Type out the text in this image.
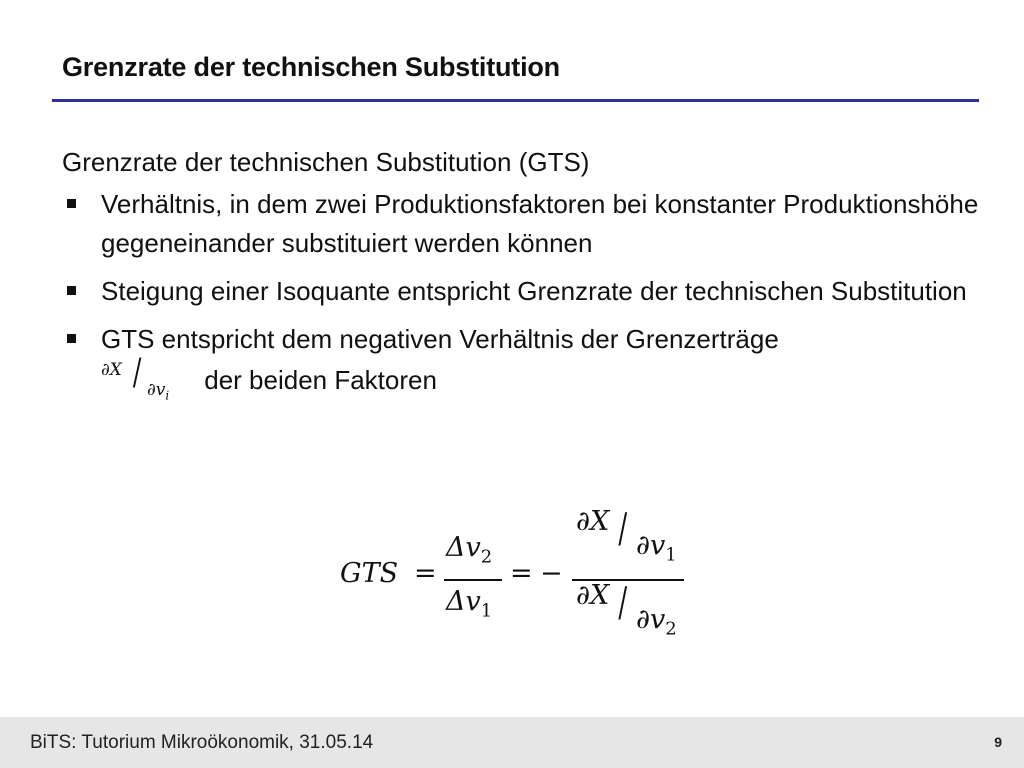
Grenzrate der technischen Substitution

Grenzrate der technischen Substitution (GTS)

Verhältnis, in dem zwei Produktionsfaktoren bei konstanter Produktionshöhe gegeneinander substituiert werden können
Steigung einer Isoquante entspricht Grenzrate der technischen Substitution
GTS entspricht dem negativen Verhältnis der Grenzerträge

$\partial X / \partial v_i$
der beiden Faktoren
GTS =
$\Delta v_2$
$\Delta v_1$
= −
$\partial X / \partial v_1$
$\partial X / \partial v_2$
BiTS: Tutorium Mikroökonomik, 31.05.14	9
